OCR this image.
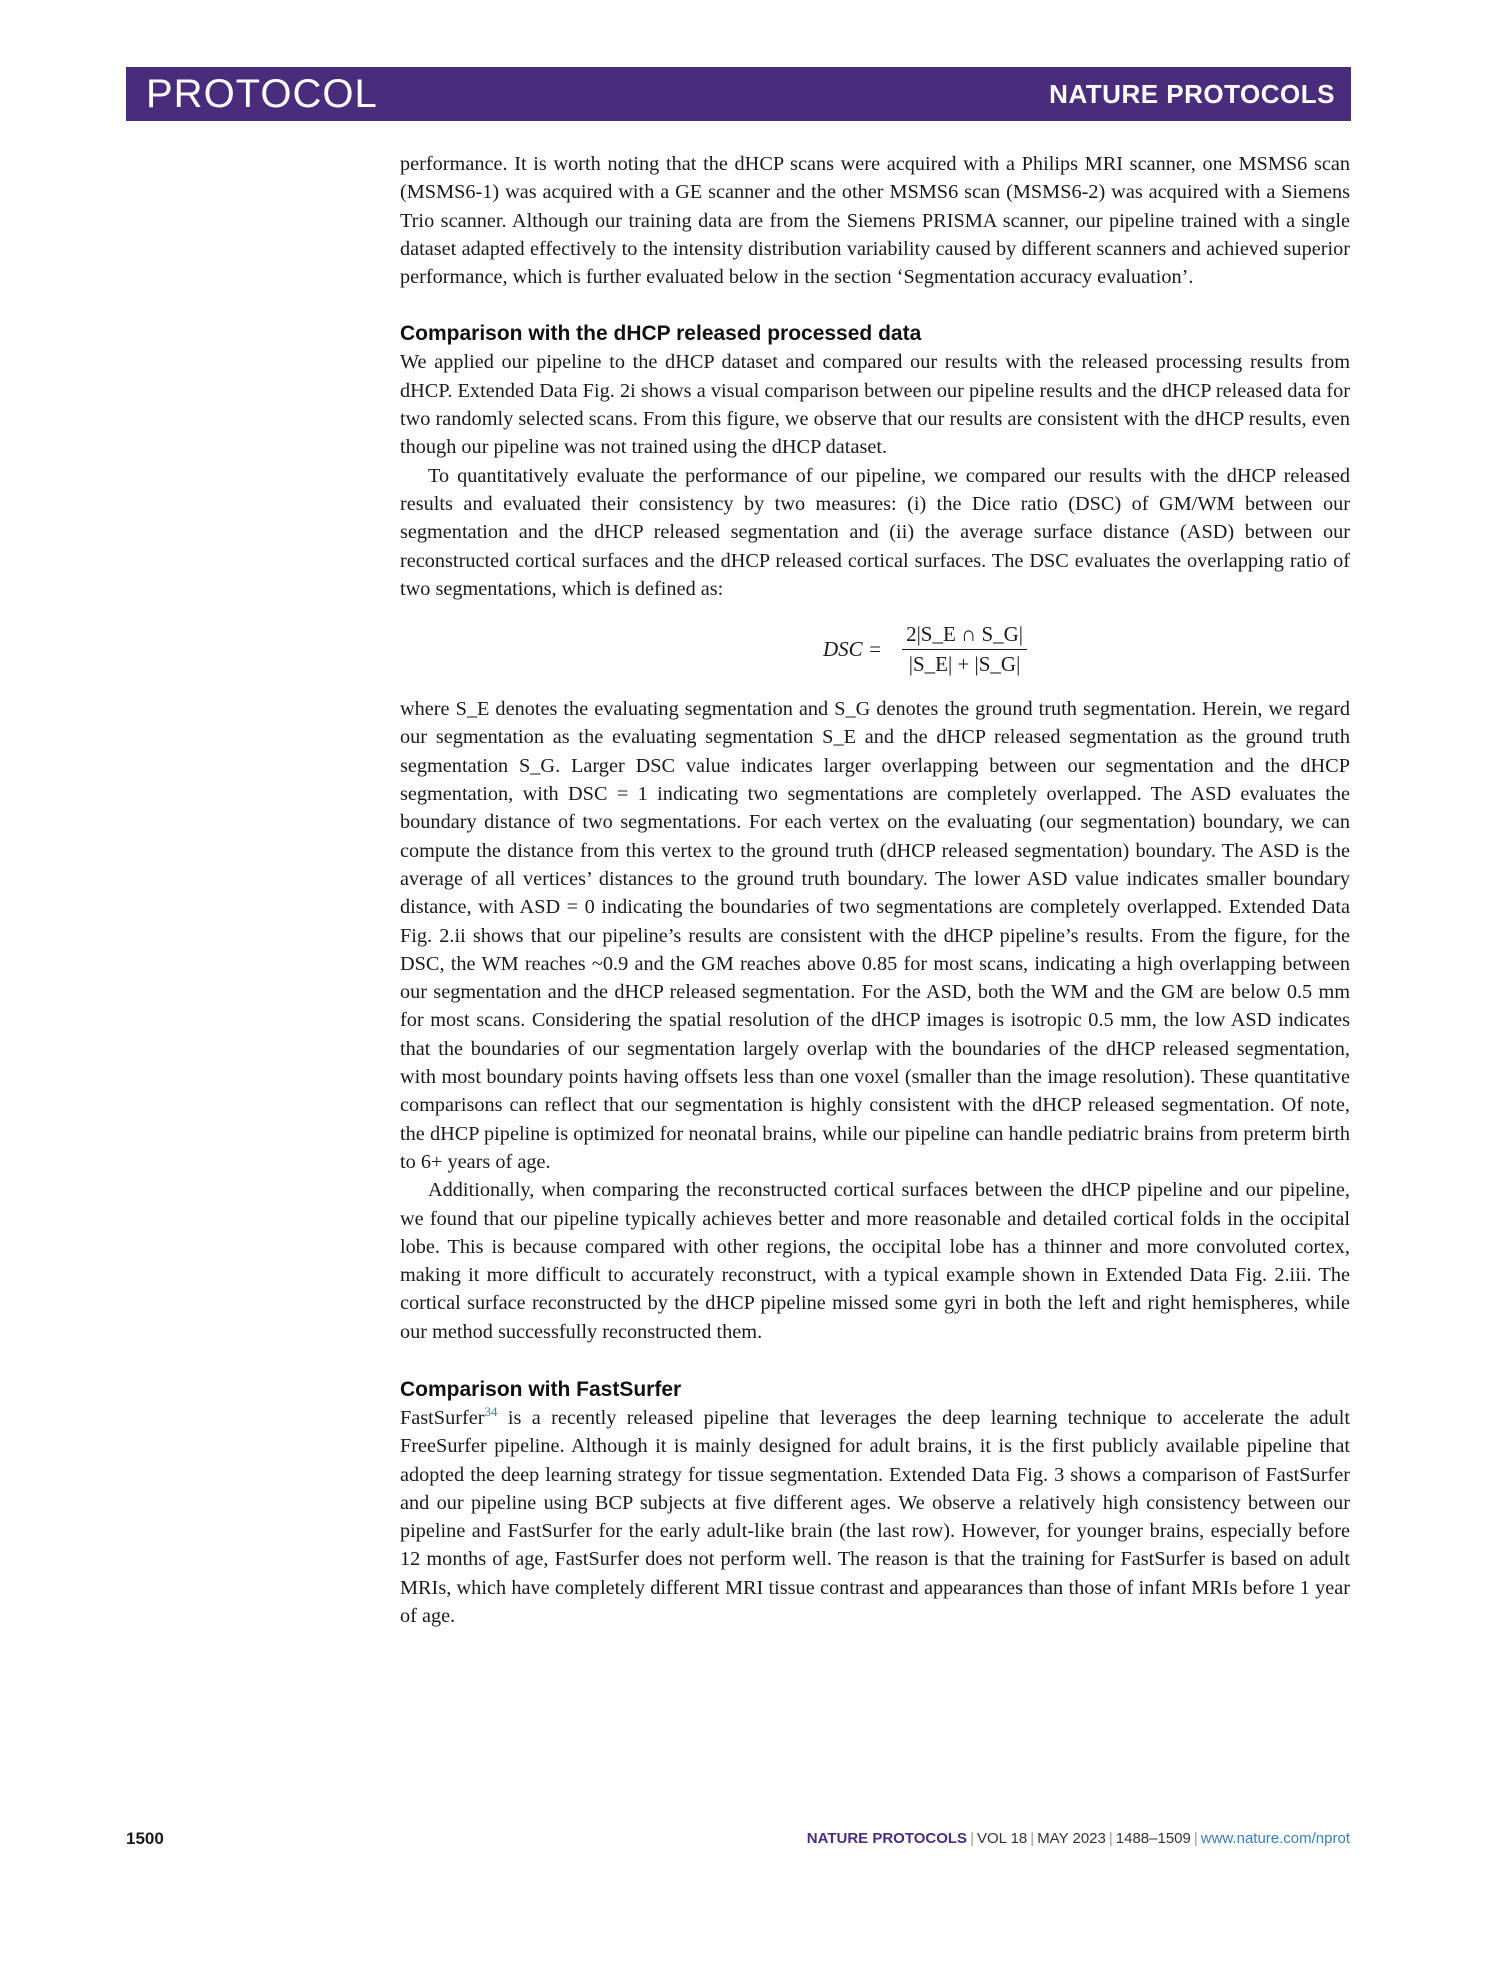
PROTOCOL	NATURE PROTOCOLS

performance. It is worth noting that the dHCP scans were acquired with a Philips MRI scanner, one MSMS6 scan (MSMS6-1) was acquired with a GE scanner and the other MSMS6 scan (MSMS6-2) was acquired with a Siemens Trio scanner. Although our training data are from the Siemens PRISMA scanner, our pipeline trained with a single dataset adapted effectively to the intensity distribution variability caused by different scanners and achieved superior performance, which is further evaluated below in the section ‘Segmentation accuracy evaluation’.

Comparison with the dHCP released processed data

We applied our pipeline to the dHCP dataset and compared our results with the released processing results from dHCP. Extended Data Fig. 2i shows a visual comparison between our pipeline results and the dHCP released data for two randomly selected scans. From this figure, we observe that our results are consistent with the dHCP results, even though our pipeline was not trained using the dHCP dataset.

To quantitatively evaluate the performance of our pipeline, we compared our results with the dHCP released results and evaluated their consistency by two measures: (i) the Dice ratio (DSC) of GM/WM between our segmentation and the dHCP released segmentation and (ii) the average surface distance (ASD) between our reconstructed cortical surfaces and the dHCP released cortical surfaces. The DSC evaluates the overlapping ratio of two segmentations, which is defined as:

DSC = $\frac{2|S\_E \cap S\_G|}{|S\_E| + |S\_G|}$

where S_E denotes the evaluating segmentation and S_G denotes the ground truth segmentation. Herein, we regard our segmentation as the evaluating segmentation S_E and the dHCP released segmentation as the ground truth segmentation S_G. Larger DSC value indicates larger overlapping between our segmentation and the dHCP segmentation, with DSC = 1 indicating two segmentations are completely overlapped. The ASD evaluates the boundary distance of two segmentations. For each vertex on the evaluating (our segmentation) boundary, we can compute the distance from this vertex to the ground truth (dHCP released segmentation) boundary. The ASD is the average of all vertices’ distances to the ground truth boundary. The lower ASD value indicates smaller boundary distance, with ASD = 0 indicating the boundaries of two segmentations are completely overlapped. Extended Data Fig. 2.ii shows that our pipeline’s results are consistent with the dHCP pipeline’s results. From the figure, for the DSC, the WM reaches ~0.9 and the GM reaches above 0.85 for most scans, indicating a high overlapping between our segmentation and the dHCP released segmentation. For the ASD, both the WM and the GM are below 0.5 mm for most scans. Considering the spatial resolution of the dHCP images is isotropic 0.5 mm, the low ASD indicates that the boundaries of our segmentation largely overlap with the boundaries of the dHCP released segmentation, with most boundary points having offsets less than one voxel (smaller than the image resolution). These quantitative comparisons can reflect that our segmentation is highly consistent with the dHCP released segmentation. Of note, the dHCP pipeline is optimized for neonatal brains, while our pipeline can handle pediatric brains from preterm birth to 6+ years of age.

Additionally, when comparing the reconstructed cortical surfaces between the dHCP pipeline and our pipeline, we found that our pipeline typically achieves better and more reasonable and detailed cortical folds in the occipital lobe. This is because compared with other regions, the occipital lobe has a thinner and more convoluted cortex, making it more difficult to accurately reconstruct, with a typical example shown in Extended Data Fig. 2.iii. The cortical surface reconstructed by the dHCP pipeline missed some gyri in both the left and right hemispheres, while our method successfully reconstructed them.

Comparison with FastSurfer

FastSurfer$^{34}$ is a recently released pipeline that leverages the deep learning technique to accelerate the adult FreeSurfer pipeline. Although it is mainly designed for adult brains, it is the first publicly available pipeline that adopted the deep learning strategy for tissue segmentation. Extended Data Fig. 3 shows a comparison of FastSurfer and our pipeline using BCP subjects at five different ages. We observe a relatively high consistency between our pipeline and FastSurfer for the early adult-like brain (the last row). However, for younger brains, especially before 12 months of age, FastSurfer does not perform well. The reason is that the training for FastSurfer is based on adult MRIs, which have completely different MRI tissue contrast and appearances than those of infant MRIs before 1 year of age.

1500	NATURE PROTOCOLS | VOL 18 | MAY 2023 | 1488–1509 | www.nature.com/nprot
